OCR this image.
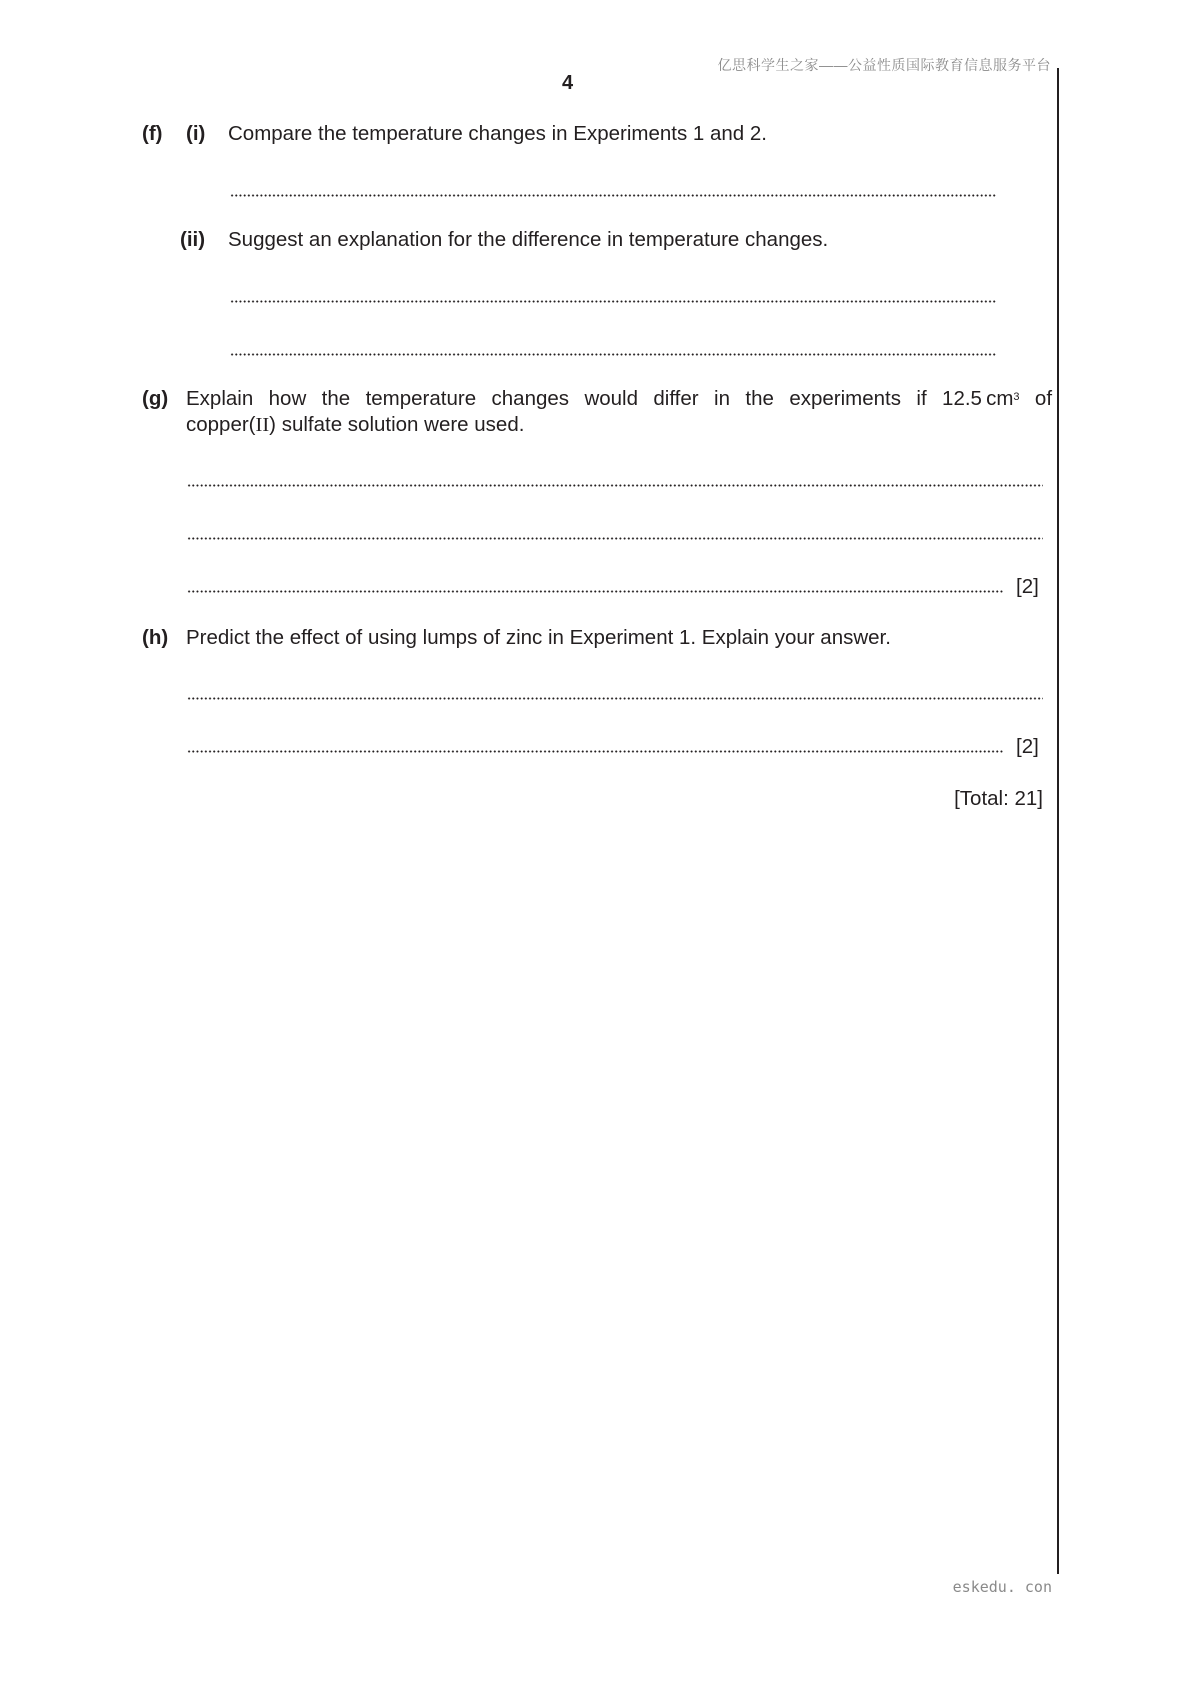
亿思科学生之家——公益性质国际教育信息服务平台
4
(f) (i) Compare the temperature changes in Experiments 1 and 2.
(ii) Suggest an explanation for the difference in temperature changes.
(g) Explain how the temperature changes would differ in the experiments if 12.5  $cm^3$ of
copper(II) sulfate solution were used.
[2]
(h) Predict the effect of using lumps of zinc in Experiment 1. Explain your answer.
[2]
[Total: 21]
eskedu. con
